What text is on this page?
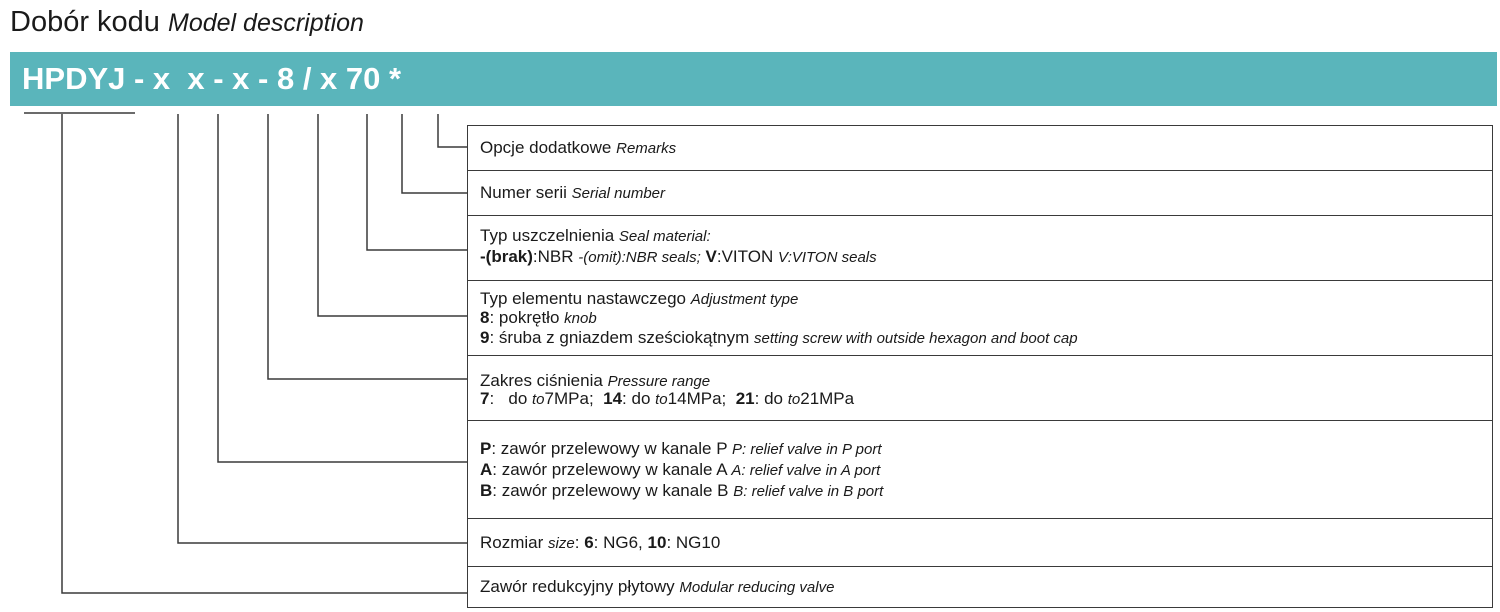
Dobór kodu Model description
HPDYJ - x  x - x - 8 / x 70 *
Opcje dodatkowe Remarks
Numer serii Serial number
Typ uszczelnienia Seal material:
-(brak):NBR -(omit):NBR seals; V:VITON V:VITON seals
Typ elementu nastawczego Adjustment type
8: pokrętło knob
9: śruba z gniazdem sześciokątnym setting screw with outside hexagon and boot cap
Zakres ciśnienia Pressure range
7:   do to7MPa; 14: do to14MPa; 21: do to21MPa
P: zawór przelewowy w kanale P P: relief valve in P port
A: zawór przelewowy w kanale A A: relief valve in A port
B: zawór przelewowy w kanale B B: relief valve in B port
Rozmiar size: 6: NG6, 10: NG10
Zawór redukcyjny płytowy Modular reducing valve
